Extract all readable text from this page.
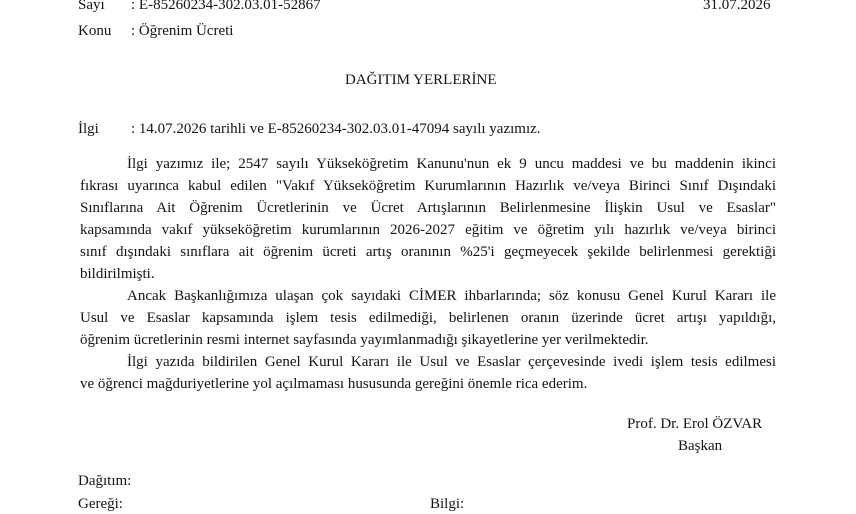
Sayı : E-85260234-302.03.01-52867	31.07.2026
Konu : Öğrenim Ücreti
DAĞITIM YERLERİNE
İlgi : 14.07.2026 tarihli ve E-85260234-302.03.01-47094 sayılı yazımız.
İlgi yazımız ile; 2547 sayılı Yükseköğretim Kanunu'nun ek 9 uncu maddesi ve bu maddenin ikinci
fıkrası uyarınca kabul edilen "Vakıf Yükseköğretim Kurumlarının Hazırlık ve/veya Birinci Sınıf Dışındaki
Sınıflarına Ait Öğrenim Ücretlerinin ve Ücret Artışlarının Belirlenmesine İlişkin Usul ve Esaslar"
kapsamında vakıf yükseköğretim kurumlarının 2026-2027 eğitim ve öğretim yılı hazırlık ve/veya birinci
sınıf dışındaki sınıflara ait öğrenim ücreti artış oranının %25'i geçmeyecek şekilde belirlenmesi gerektiği
bildirilmişti.
Ancak Başkanlığımıza ulaşan çok sayıdaki CİMER ihbarlarında; söz konusu Genel Kurul Kararı ile
Usul ve Esaslar kapsamında işlem tesis edilmediği, belirlenen oranın üzerinde ücret artışı yapıldığı,
öğrenim ücretlerinin resmi internet sayfasında yayımlanmadığı şikayetlerine yer verilmektedir.
İlgi yazıda bildirilen Genel Kurul Kararı ile Usul ve Esaslar çerçevesinde ivedi işlem tesis edilmesi
ve öğrenci mağduriyetlerine yol açılmaması hususunda gereğini önemle rica ederim.
Prof. Dr. Erol ÖZVAR
Başkan
Dağıtım:
Gereği:	Bilgi:
